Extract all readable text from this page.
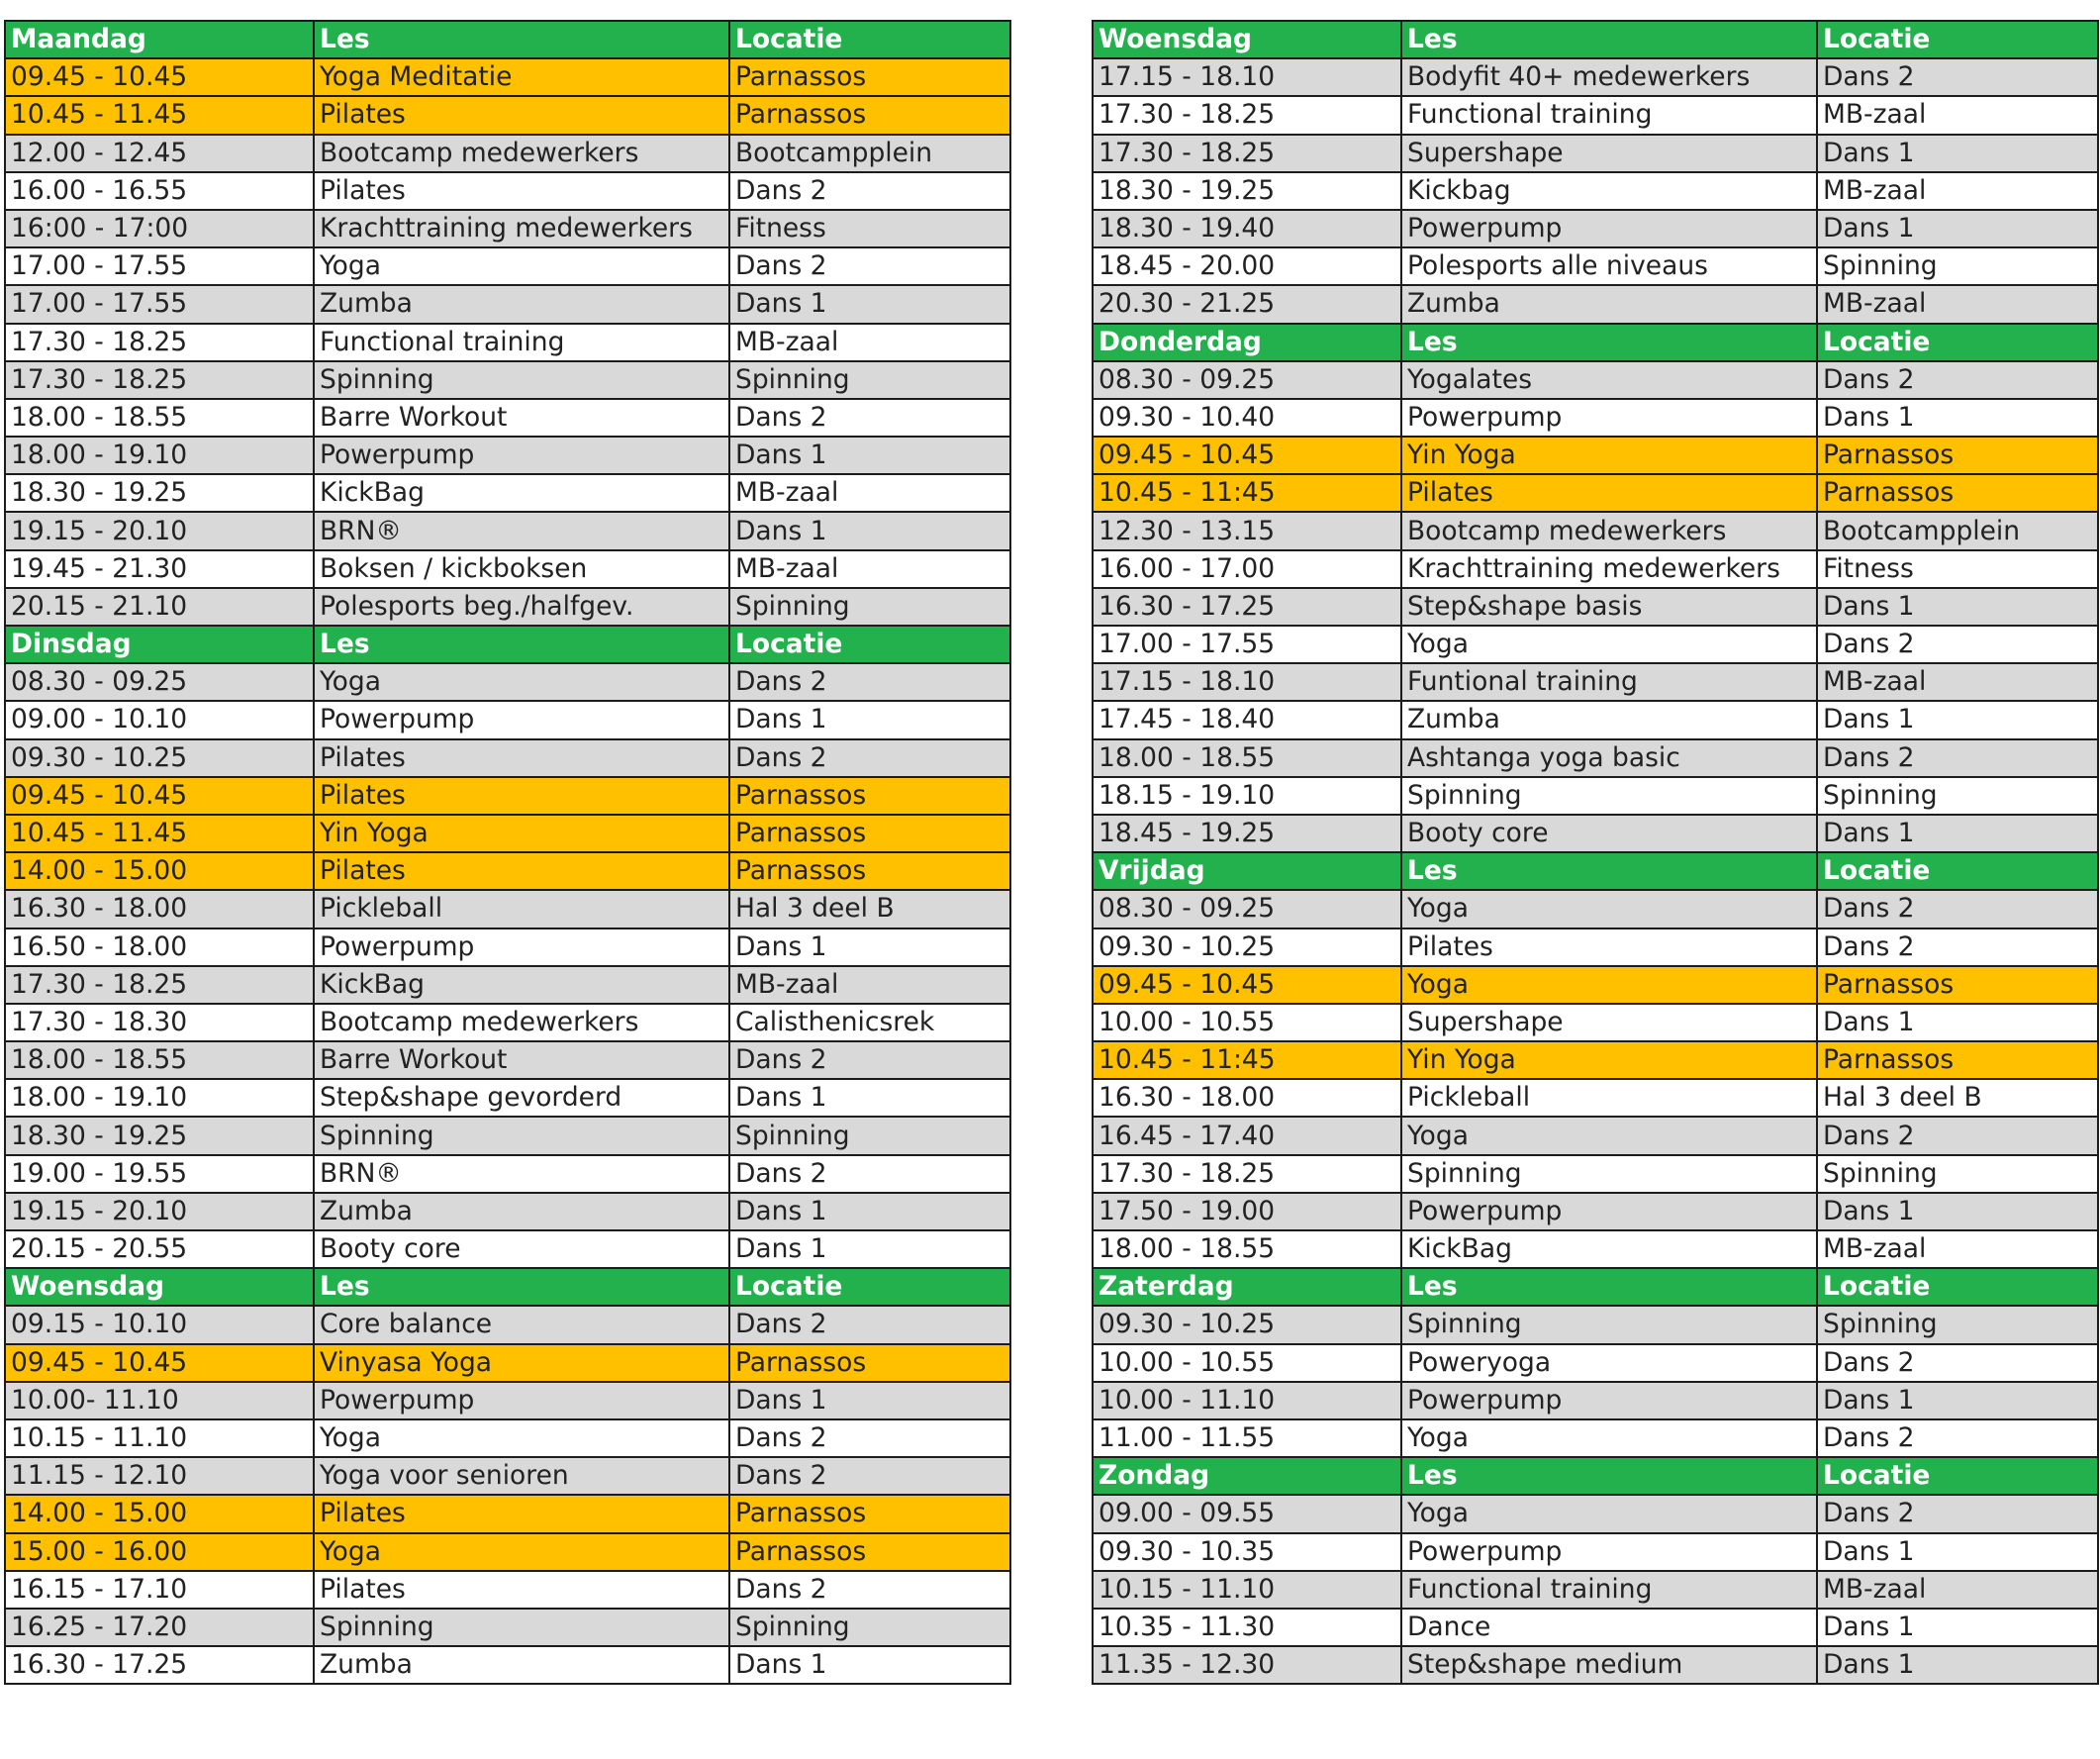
Maandag	Les	Locatie
09.45 - 10.45	Yoga Meditatie	Parnassos
10.45 - 11.45	Pilates	Parnassos
12.00 - 12.45	Bootcamp medewerkers	Bootcampplein
16.00 - 16.55	Pilates	Dans 2
16:00 - 17:00	Krachttraining medewerkers	Fitness
17.00 - 17.55	Yoga	Dans 2
17.00 - 17.55	Zumba	Dans 1
17.30 - 18.25	Functional training	MB-zaal
17.30 - 18.25	Spinning	Spinning
18.00 - 18.55	Barre Workout	Dans 2
18.00 - 19.10	Powerpump	Dans 1
18.30 - 19.25	KickBag	MB-zaal
19.15 - 20.10	BRN®	Dans 1
19.45 - 21.30	Boksen / kickboksen	MB-zaal
20.15 - 21.10	Polesports beg./halfgev.	Spinning
Dinsdag	Les	Locatie
08.30 - 09.25	Yoga	Dans 2
09.00 - 10.10	Powerpump	Dans 1
09.30 - 10.25	Pilates	Dans 2
09.45 - 10.45	Pilates	Parnassos
10.45 - 11.45	Yin Yoga	Parnassos
14.00 - 15.00	Pilates	Parnassos
16.30 - 18.00	Pickleball	Hal 3 deel B
16.50 - 18.00	Powerpump	Dans 1
17.30 - 18.25	KickBag	MB-zaal
17.30 - 18.30	Bootcamp medewerkers	Calisthenicsrek
18.00 - 18.55	Barre Workout	Dans 2
18.00 - 19.10	Step&shape gevorderd	Dans 1
18.30 - 19.25	Spinning	Spinning
19.00 - 19.55	BRN®	Dans 2
19.15 - 20.10	Zumba	Dans 1
20.15 - 20.55	Booty core	Dans 1
Woensdag	Les	Locatie
09.15 - 10.10	Core balance	Dans 2
09.45 - 10.45	Vinyasa Yoga	Parnassos
10.00- 11.10	Powerpump	Dans 1
10.15 - 11.10	Yoga	Dans 2
11.15 - 12.10	Yoga voor senioren	Dans 2
14.00 - 15.00	Pilates	Parnassos
15.00 - 16.00	Yoga	Parnassos
16.15 - 17.10	Pilates	Dans 2
16.25 - 17.20	Spinning	Spinning
16.30 - 17.25	Zumba	Dans 1
Woensdag	Les	Locatie
17.15 - 18.10	Bodyfit 40+ medewerkers	Dans 2
17.30 - 18.25	Functional training	MB-zaal
17.30 - 18.25	Supershape	Dans 1
18.30 - 19.25	Kickbag	MB-zaal
18.30 - 19.40	Powerpump	Dans 1
18.45 - 20.00	Polesports alle niveaus	Spinning
20.30 - 21.25	Zumba	MB-zaal
Donderdag	Les	Locatie
08.30 - 09.25	Yogalates	Dans 2
09.30 - 10.40	Powerpump	Dans 1
09.45 - 10.45	Yin Yoga	Parnassos
10.45 - 11:45	Pilates	Parnassos
12.30 - 13.15	Bootcamp medewerkers	Bootcampplein
16.00 - 17.00	Krachttraining medewerkers	Fitness
16.30 - 17.25	Step&shape basis	Dans 1
17.00 - 17.55	Yoga	Dans 2
17.15 - 18.10	Funtional training	MB-zaal
17.45 - 18.40	Zumba	Dans 1
18.00 - 18.55	Ashtanga yoga basic	Dans 2
18.15 - 19.10	Spinning	Spinning
18.45 - 19.25	Booty core	Dans 1
Vrijdag	Les	Locatie
08.30 - 09.25	Yoga	Dans 2
09.30 - 10.25	Pilates	Dans 2
09.45 - 10.45	Yoga	Parnassos
10.00 - 10.55	Supershape	Dans 1
10.45 - 11:45	Yin Yoga	Parnassos
16.30 - 18.00	Pickleball	Hal 3 deel B
16.45 - 17.40	Yoga	Dans 2
17.30 - 18.25	Spinning	Spinning
17.50 - 19.00	Powerpump	Dans 1
18.00 - 18.55	KickBag	MB-zaal
Zaterdag	Les	Locatie
09.30 - 10.25	Spinning	Spinning
10.00 - 10.55	Poweryoga	Dans 2
10.00 - 11.10	Powerpump	Dans 1
11.00 - 11.55	Yoga	Dans 2
Zondag	Les	Locatie
09.00 - 09.55	Yoga	Dans 2
09.30 - 10.35	Powerpump	Dans 1
10.15 - 11.10	Functional training	MB-zaal
10.35 - 11.30	Dance	Dans 1
11.35 - 12.30	Step&shape medium	Dans 1
